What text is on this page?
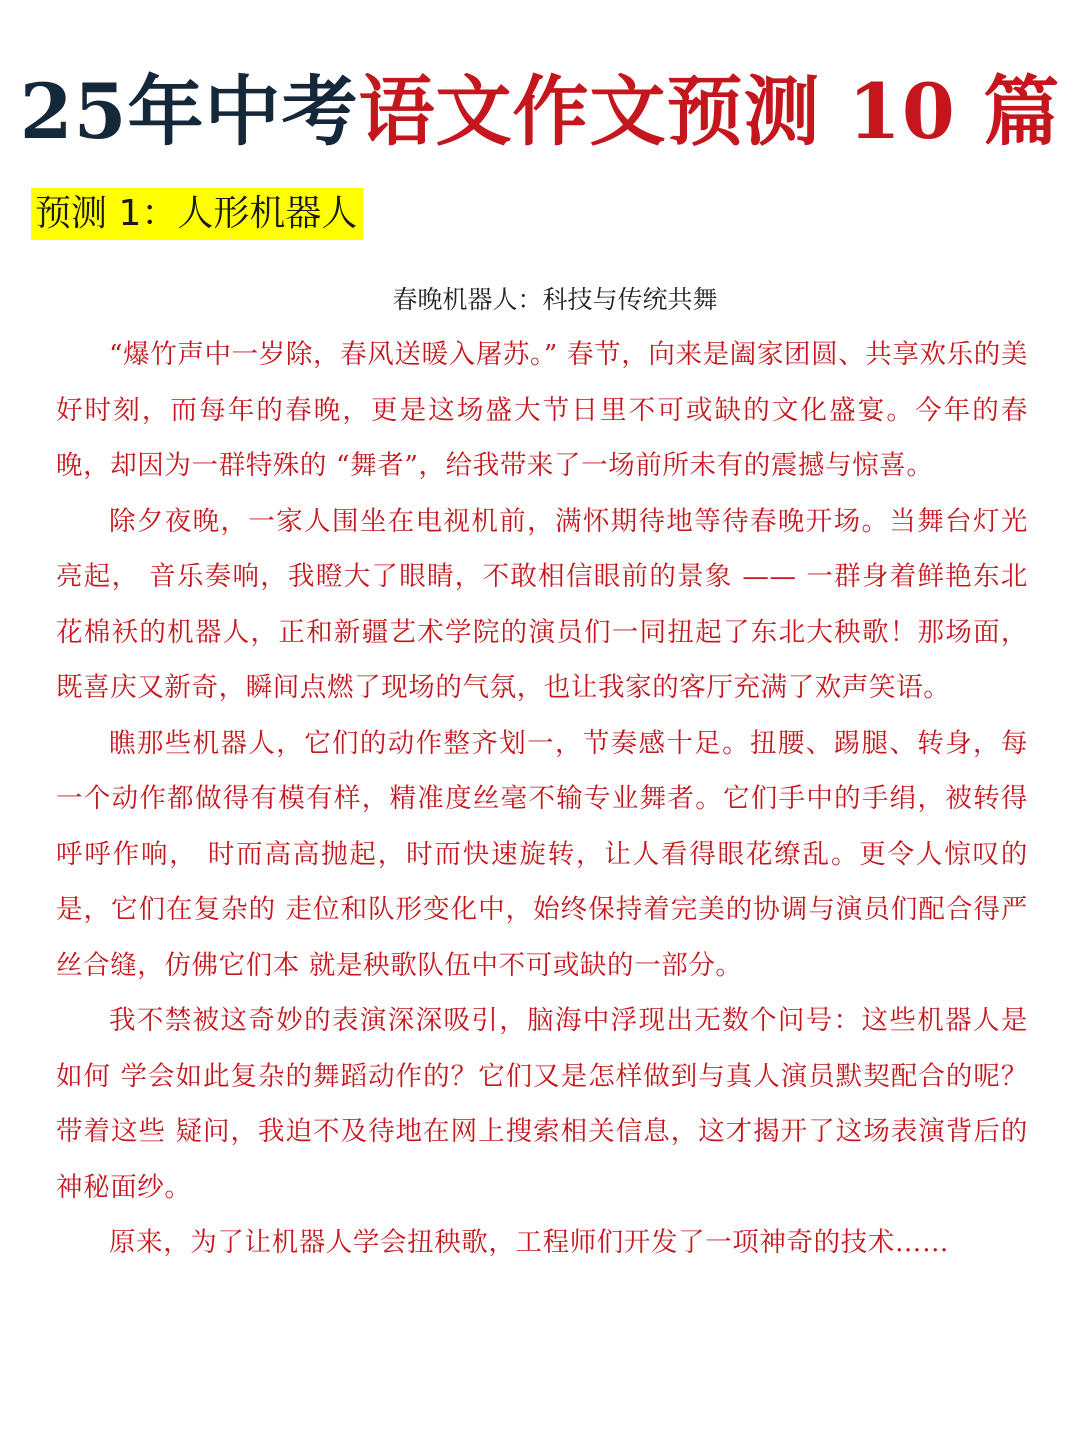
25年中考语文作文预测 10 篇
预测 1：人形机器人
春晚机器人：科技与传统共舞

“爆竹声中一岁除，春风送暖入屠苏。” 春节，向来是阖家团圆、共享欢乐的美 好时刻，而每年的春晚，更是这场盛大节日里不可或缺的文化盛宴。今年的春晚，却因为一群特殊的 “舞者”，给我带来了一场前所未有的震撼与惊喜。

除夕夜晚，一家人围坐在电视机前，满怀期待地等待春晚开场。当舞台灯光亮起， 音乐奏响，我瞪大了眼睛，不敢相信眼前的景象 —— 一群身着鲜艳东北花棉袄的机器人，正和新疆艺术学院的演员们一同扭起了东北大秧歌！那场面，既喜庆又新奇，瞬间点燃了现场的气氛，也让我家的客厅充满了欢声笑语。

瞧那些机器人，它们的动作整齐划一，节奏感十足。扭腰、踢腿、转身，每一个动作都做得有模有样，精准度丝毫不输专业舞者。它们手中的手绢，被转得呼呼作响， 时而高高抛起，时而快速旋转，让人看得眼花缭乱。更令人惊叹的是，它们在复杂的 走位和队形变化中，始终保持着完美的协调与演员们配合得严丝合缝，仿佛它们本 就是秧歌队伍中不可或缺的一部分。

我不禁被这奇妙的表演深深吸引，脑海中浮现出无数个问号：这些机器人是如何 学会如此复杂的舞蹈动作的？它们又是怎样做到与真人演员默契配合的呢？带着这些 疑问，我迫不及待地在网上搜索相关信息，这才揭开了这场表演背后的神秘面纱。

原来，为了让机器人学会扭秧歌，工程师们开发了一项神奇的技术……
